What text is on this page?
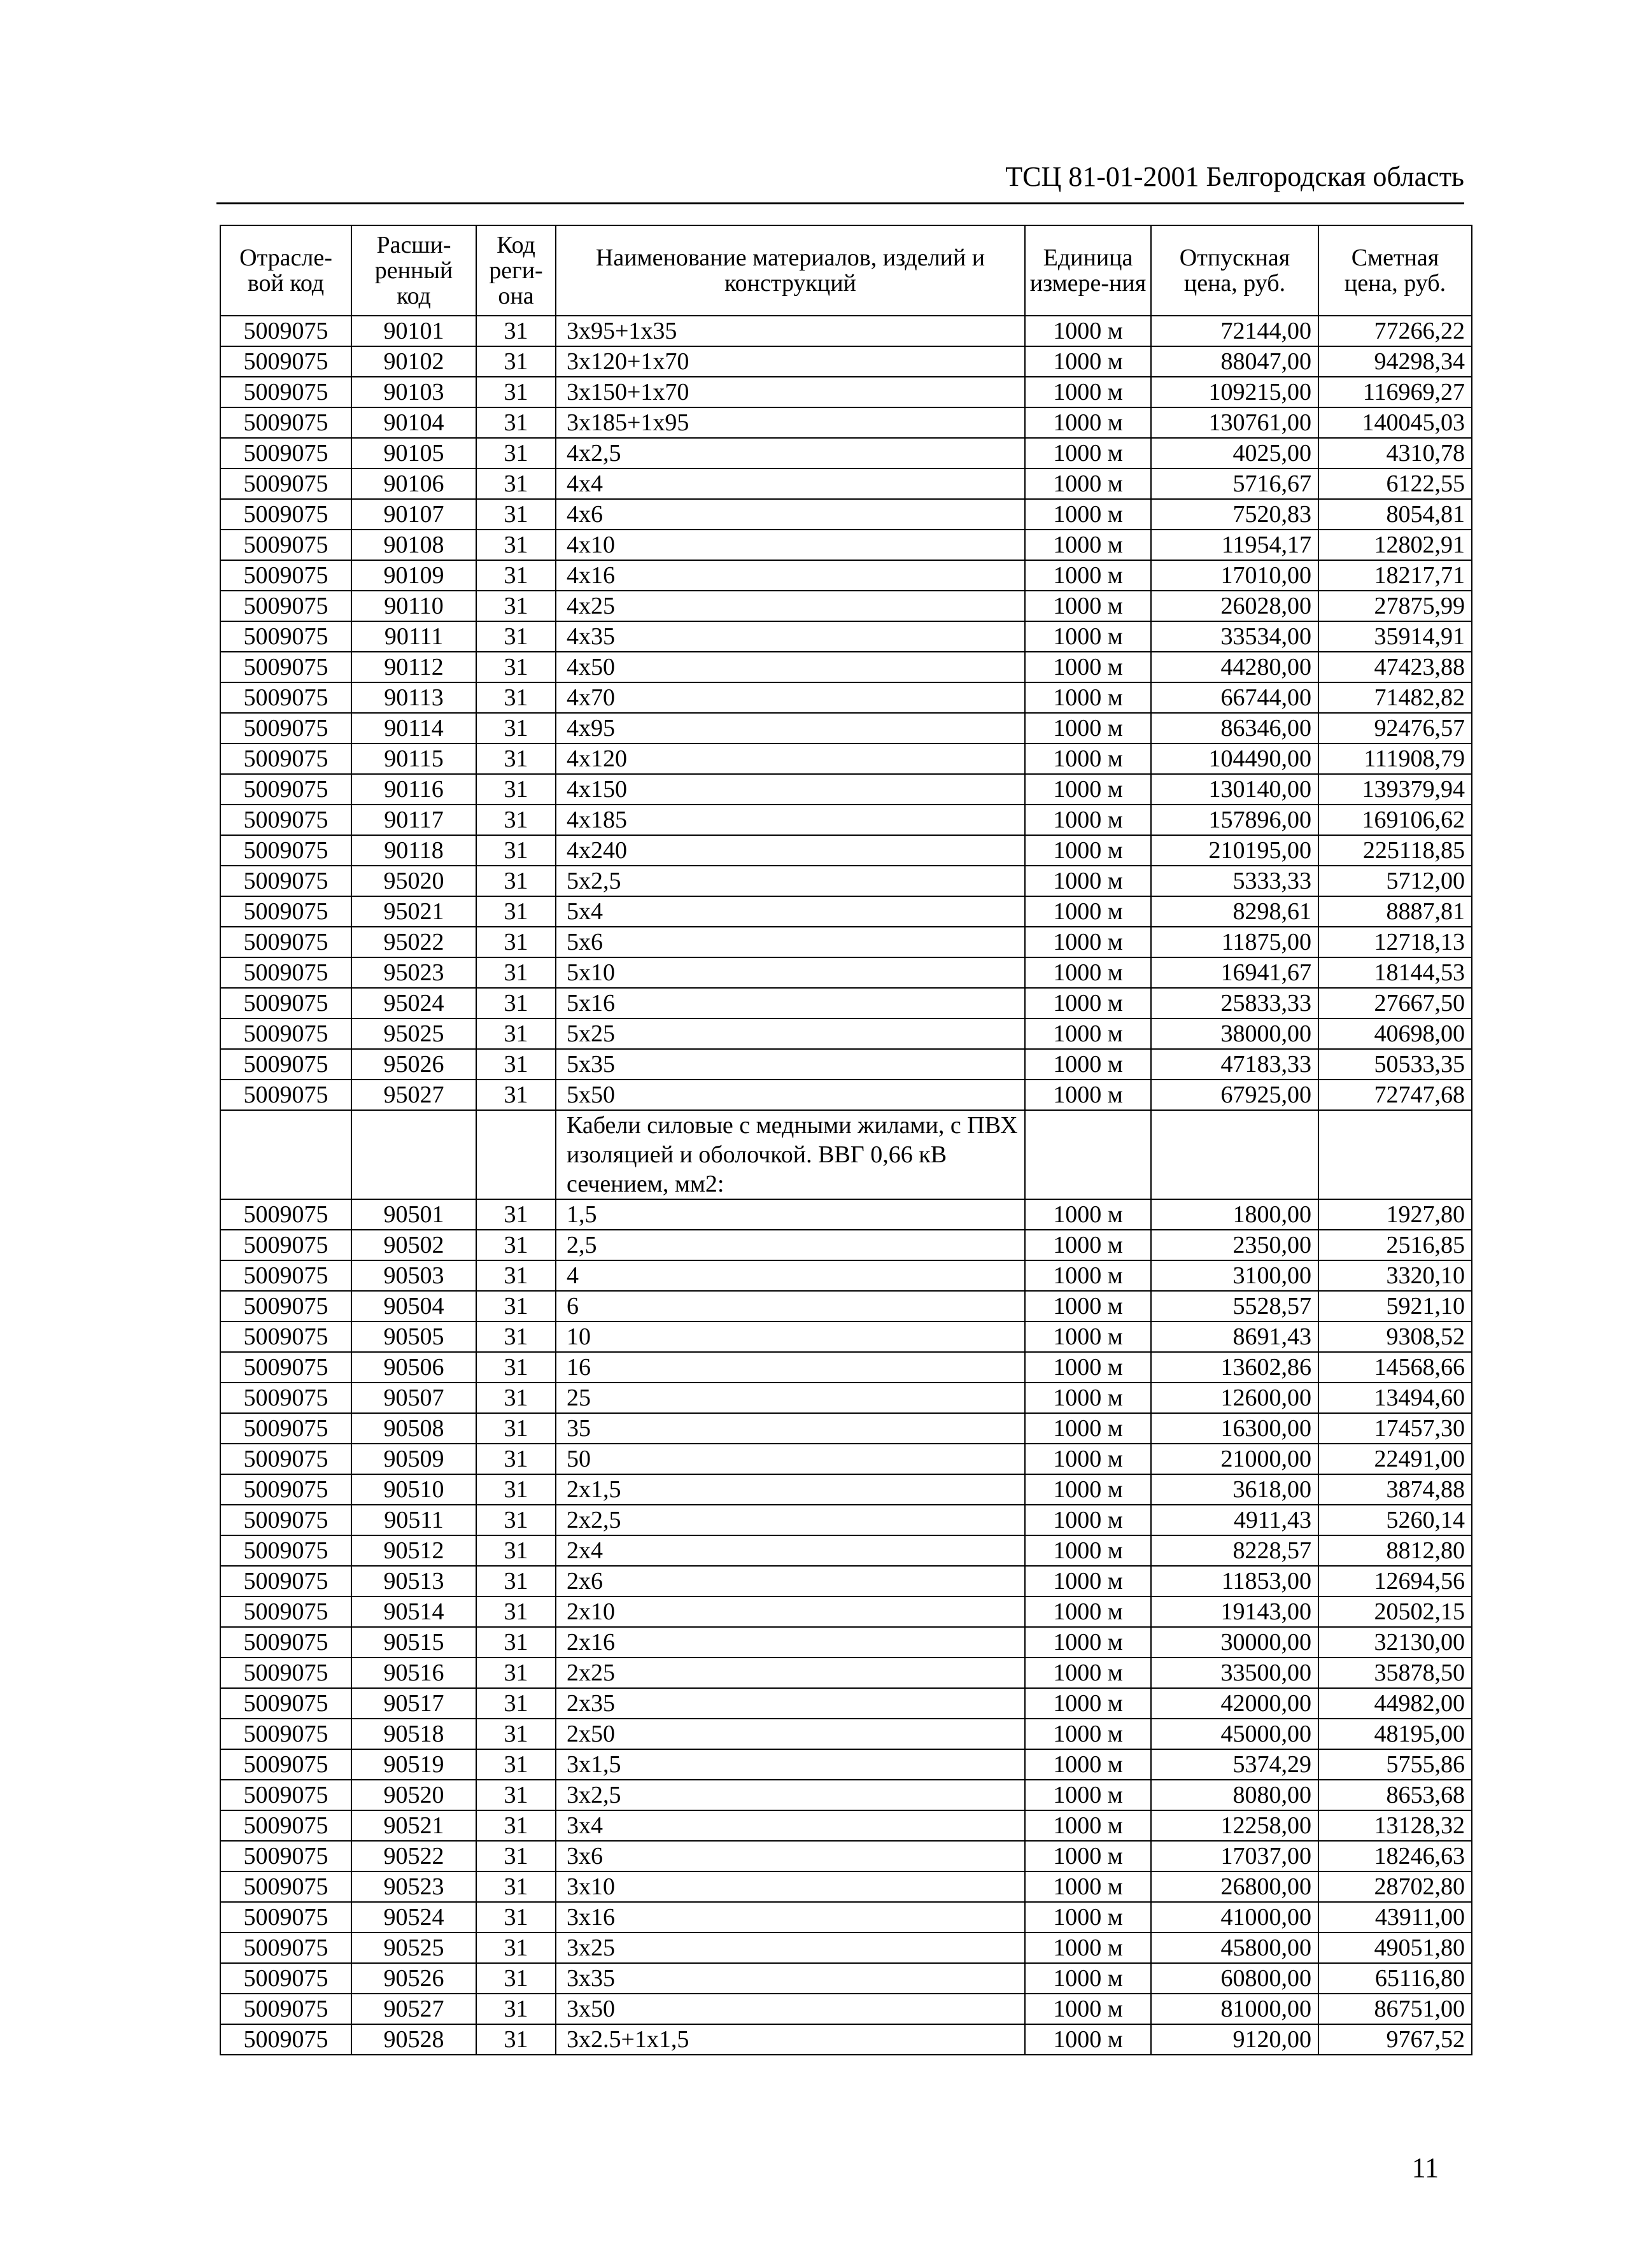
ТСЦ 81-01-2001 Белгородская область
Отрасле-вой код	Расши-ренный код	Код реги-она	Наименование материалов, изделий и конструкций	Единица измере-ния	Отпускная цена, руб.	Сметная цена, руб.
5009075	90101	31	3x95+1x35	1000 м	72144,00	77266,22
5009075	90102	31	3x120+1x70	1000 м	88047,00	94298,34
5009075	90103	31	3x150+1x70	1000 м	109215,00	116969,27
5009075	90104	31	3x185+1x95	1000 м	130761,00	140045,03
5009075	90105	31	4x2,5	1000 м	4025,00	4310,78
5009075	90106	31	4x4	1000 м	5716,67	6122,55
5009075	90107	31	4x6	1000 м	7520,83	8054,81
5009075	90108	31	4x10	1000 м	11954,17	12802,91
5009075	90109	31	4x16	1000 м	17010,00	18217,71
5009075	90110	31	4x25	1000 м	26028,00	27875,99
5009075	90111	31	4x35	1000 м	33534,00	35914,91
5009075	90112	31	4x50	1000 м	44280,00	47423,88
5009075	90113	31	4x70	1000 м	66744,00	71482,82
5009075	90114	31	4x95	1000 м	86346,00	92476,57
5009075	90115	31	4x120	1000 м	104490,00	111908,79
5009075	90116	31	4x150	1000 м	130140,00	139379,94
5009075	90117	31	4x185	1000 м	157896,00	169106,62
5009075	90118	31	4x240	1000 м	210195,00	225118,85
5009075	95020	31	5x2,5	1000 м	5333,33	5712,00
5009075	95021	31	5x4	1000 м	8298,61	8887,81
5009075	95022	31	5x6	1000 м	11875,00	12718,13
5009075	95023	31	5x10	1000 м	16941,67	18144,53
5009075	95024	31	5x16	1000 м	25833,33	27667,50
5009075	95025	31	5x25	1000 м	38000,00	40698,00
5009075	95026	31	5x35	1000 м	47183,33	50533,35
5009075	95027	31	5x50	1000 м	67925,00	72747,68
			Кабели силовые с медными жилами, с ПВХ изоляцией и оболочкой. ВВГ 0,66 кВ сечением, мм2:			
5009075	90501	31	1,5	1000 м	1800,00	1927,80
5009075	90502	31	2,5	1000 м	2350,00	2516,85
5009075	90503	31	4	1000 м	3100,00	3320,10
5009075	90504	31	6	1000 м	5528,57	5921,10
5009075	90505	31	10	1000 м	8691,43	9308,52
5009075	90506	31	16	1000 м	13602,86	14568,66
5009075	90507	31	25	1000 м	12600,00	13494,60
5009075	90508	31	35	1000 м	16300,00	17457,30
5009075	90509	31	50	1000 м	21000,00	22491,00
5009075	90510	31	2x1,5	1000 м	3618,00	3874,88
5009075	90511	31	2x2,5	1000 м	4911,43	5260,14
5009075	90512	31	2x4	1000 м	8228,57	8812,80
5009075	90513	31	2x6	1000 м	11853,00	12694,56
5009075	90514	31	2x10	1000 м	19143,00	20502,15
5009075	90515	31	2x16	1000 м	30000,00	32130,00
5009075	90516	31	2x25	1000 м	33500,00	35878,50
5009075	90517	31	2x35	1000 м	42000,00	44982,00
5009075	90518	31	2x50	1000 м	45000,00	48195,00
5009075	90519	31	3x1,5	1000 м	5374,29	5755,86
5009075	90520	31	3x2,5	1000 м	8080,00	8653,68
5009075	90521	31	3x4	1000 м	12258,00	13128,32
5009075	90522	31	3x6	1000 м	17037,00	18246,63
5009075	90523	31	3x10	1000 м	26800,00	28702,80
5009075	90524	31	3x16	1000 м	41000,00	43911,00
5009075	90525	31	3x25	1000 м	45800,00	49051,80
5009075	90526	31	3x35	1000 м	60800,00	65116,80
5009075	90527	31	3x50	1000 м	81000,00	86751,00
5009075	90528	31	3x2.5+1x1,5	1000 м	9120,00	9767,52
11
